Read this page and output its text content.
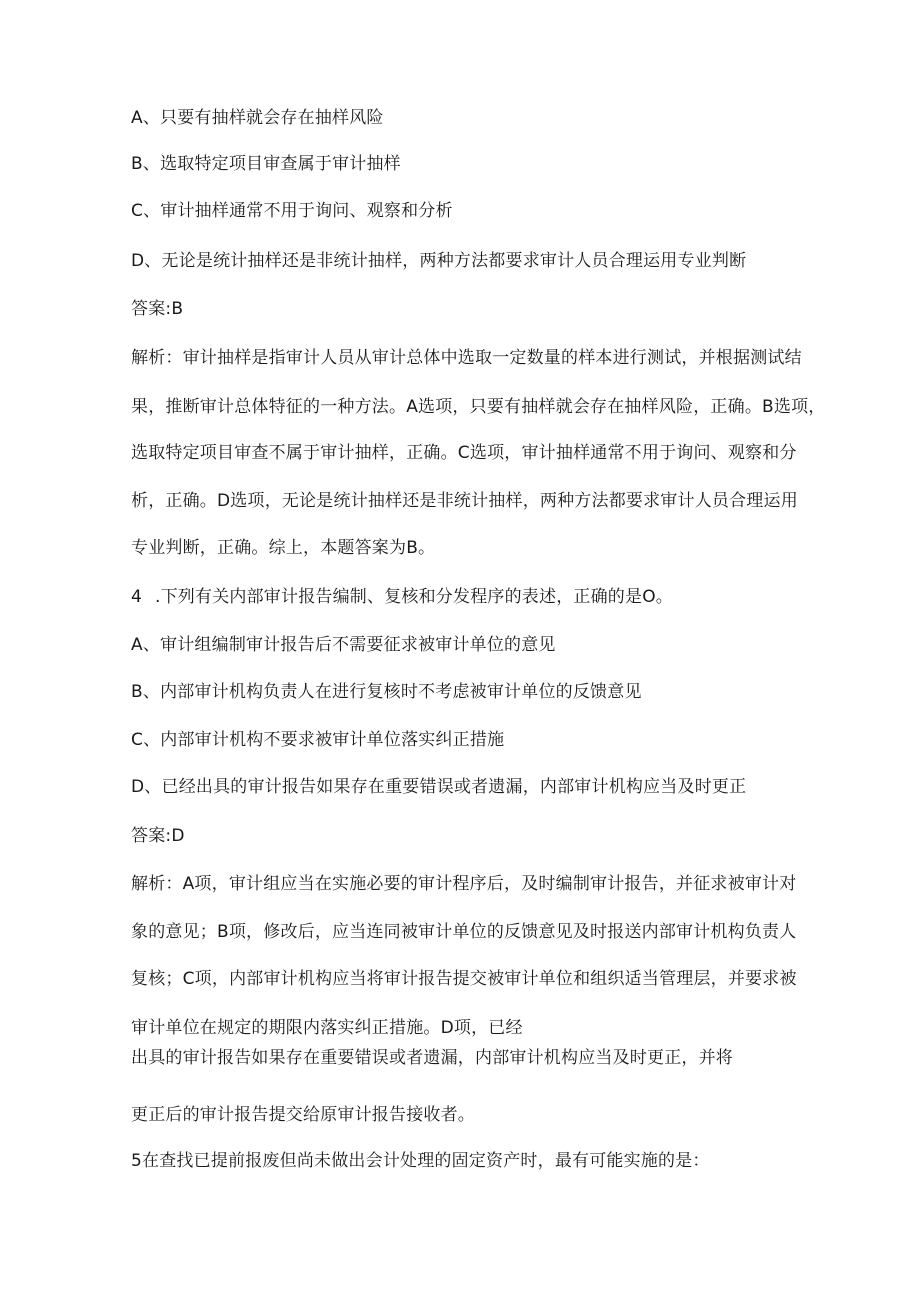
A、只要有抽样就会存在抽样风险
B、选取特定项目审查属于审计抽样
C、审计抽样通常不用于询问、观察和分析
D、无论是统计抽样还是非统计抽样，两种方法都要求审计人员合理运用专业判断
答案:B
解析：审计抽样是指审计人员从审计总体中选取一定数量的样本进行测试，并根据测试结
果，推断审计总体特征的一种方法。A选项，只要有抽样就会存在抽样风险，正确。B选项，
选取特定项目审查不属于审计抽样，正确。C选项，审计抽样通常不用于询问、观察和分
析，正确。D选项，无论是统计抽样还是非统计抽样，两种方法都要求审计人员合理运用
专业判断，正确。综上，本题答案为B。
4 .下列有关内部审计报告编制、复核和分发程序的表述，正确的是O。
A、审计组编制审计报告后不需要征求被审计单位的意见
B、内部审计机构负责人在进行复核时不考虑被审计单位的反馈意见
C、内部审计机构不要求被审计单位落实纠正措施
D、已经出具的审计报告如果存在重要错误或者遗漏，内部审计机构应当及时更正
答案:D
解析：A项，审计组应当在实施必要的审计程序后，及时编制审计报告，并征求被审计对
象的意见；B项，修改后，应当连同被审计单位的反馈意见及时报送内部审计机构负责人
复核；C项，内部审计机构应当将审计报告提交被审计单位和组织适当管理层，并要求被
审计单位在规定的期限内落实纠正措施。D项，已经
出具的审计报告如果存在重要错误或者遗漏，内部审计机构应当及时更正，并将
更正后的审计报告提交给原审计报告接收者。
5在查找已提前报废但尚未做出会计处理的固定资产时，最有可能实施的是：
